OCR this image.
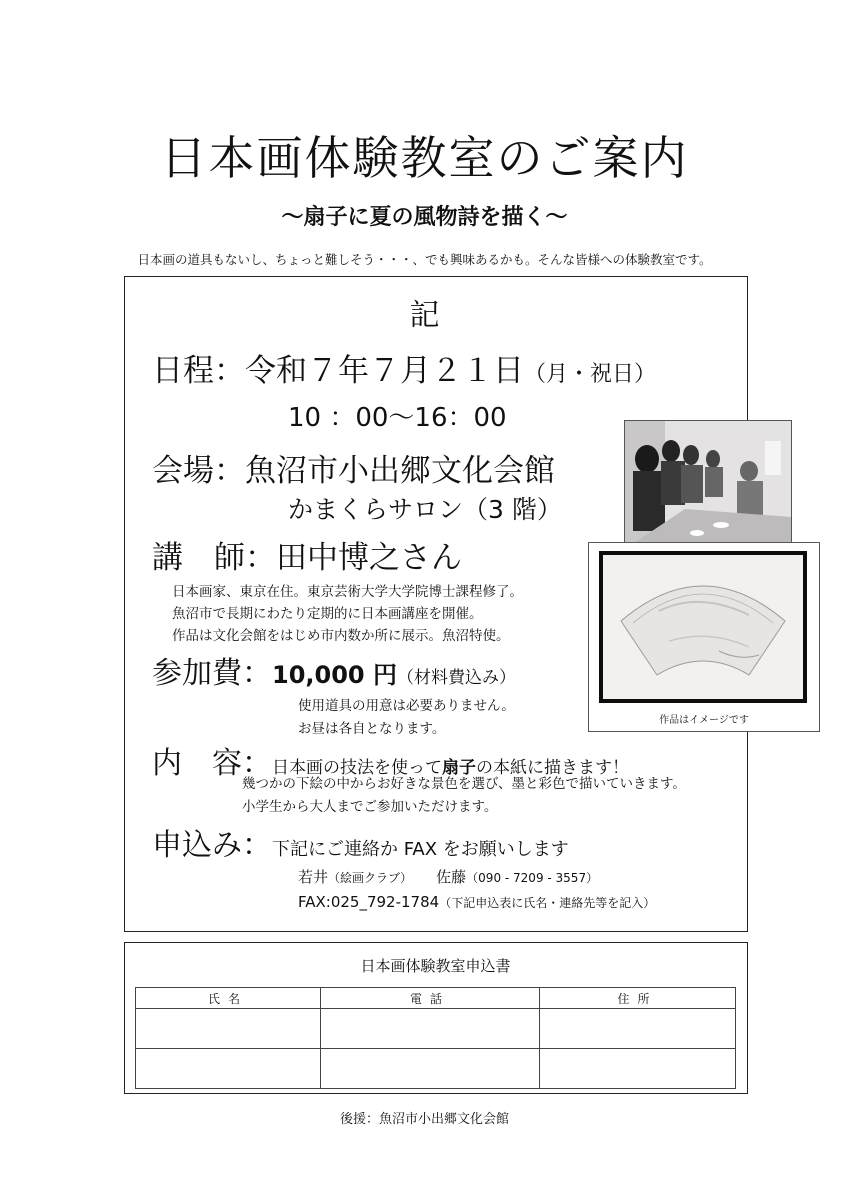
日本画体験教室のご案内
～扇子に夏の風物詩を描く～
日本画の道具もないし、ちょっと難しそう・・・、でも興味あるかも。そんな皆様への体験教室です。
記
日程：令和７年７月２１日（月・祝日）
10 ：00～16：00
会場：魚沼市小出郷文化会館
かまくらサロン（3 階）
講　師：田中博之さん
日本画家、東京在住。東京芸術大学大学院博士課程修了。
魚沼市で長期にわたり定期的に日本画講座を開催。
作品は文化会館をはじめ市内数か所に展示。魚沼特使。
参加費：10,000 円（材料費込み）
使用道具の用意は必要ありません。
お昼は各自となります。
内　容：日本画の技法を使って扇子の本紙に描きます！
幾つかの下絵の中からお好きな景色を選び、墨と彩色で描いていきます。
小学生から大人までご参加いただけます。
申込み：下記にご連絡か FAX をお願いします
若井（絵画クラブ）　　 佐藤（090 - 7209 - 3557）
FAX:025_792-1784（下記申込表に氏名・連絡先等を記入）
作品はイメージです
日本画体験教室申込書
氏名	電話	住所

後援：魚沼市小出郷文化会館
